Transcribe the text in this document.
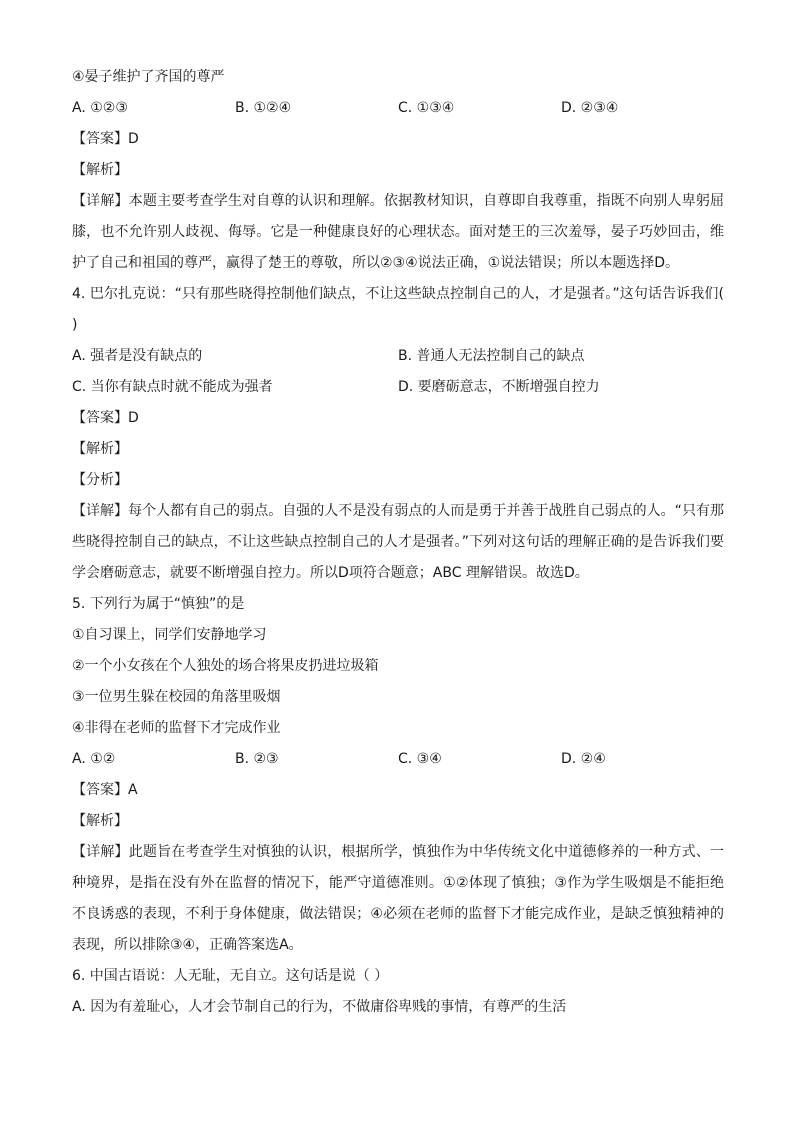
④晏子维护了齐国的尊严
A. ①②③	B. ①②④	C. ①③④	D. ②③④
【答案】D
【解析】

【详解】本题主要考查学生对自尊的认识和理解。依据教材知识，自尊即自我尊重，指既不向别人卑躬屈膝，也不允许别人歧视、侮辱。它是一种健康良好的心理状态。面对楚王的三次羞辱，晏子巧妙回击，维护了自己和祖国的尊严，赢得了楚王的尊敬，所以②③④说法正确，①说法错误；所以本题选择D。

4. 巴尔扎克说：“只有那些晓得控制他们缺点，不让这些缺点控制自己的人，才是强者。”这句话告诉我们(　　)

A. 强者是没有缺点的	B. 普通人无法控制自己的缺点
C. 当你有缺点时就不能成为强者	D. 要磨砺意志，不断增强自控力
【答案】D
【解析】
【分析】

【详解】每个人都有自己的弱点。自强的人不是没有弱点的人而是勇于并善于战胜自己弱点的人。“只有那些晓得控制自己的缺点，不让这些缺点控制自己的人才是强者。”下列对这句话的理解正确的是告诉我们要学会磨砺意志，就要不断增强自控力。所以D项符合题意；ABC 理解错误。故选D。

5. 下列行为属于“慎独”的是
①自习课上，同学们安静地学习
②一个小女孩在个人独处的场合将果皮扔进垃圾箱
③一位男生躲在校园的角落里吸烟
④非得在老师的监督下才完成作业
A. ①②	B. ②③	C. ③④	D. ②④
【答案】A
【解析】

【详解】此题旨在考查学生对慎独的认识，根据所学，慎独作为中华传统文化中道德修养的一种方式、一种境界，是指在没有外在监督的情况下，能严守道德准则。①②体现了慎独；③作为学生吸烟是不能拒绝不良诱惑的表现，不利于身体健康，做法错误；④必须在老师的监督下才能完成作业，是缺乏慎独精神的表现，所以排除③④，正确答案选A。

6. 中国古语说：人无耻，无自立。这句话是说（ ）
A. 因为有羞耻心，人才会节制自己的行为，不做庸俗卑贱的事情，有尊严的生活
